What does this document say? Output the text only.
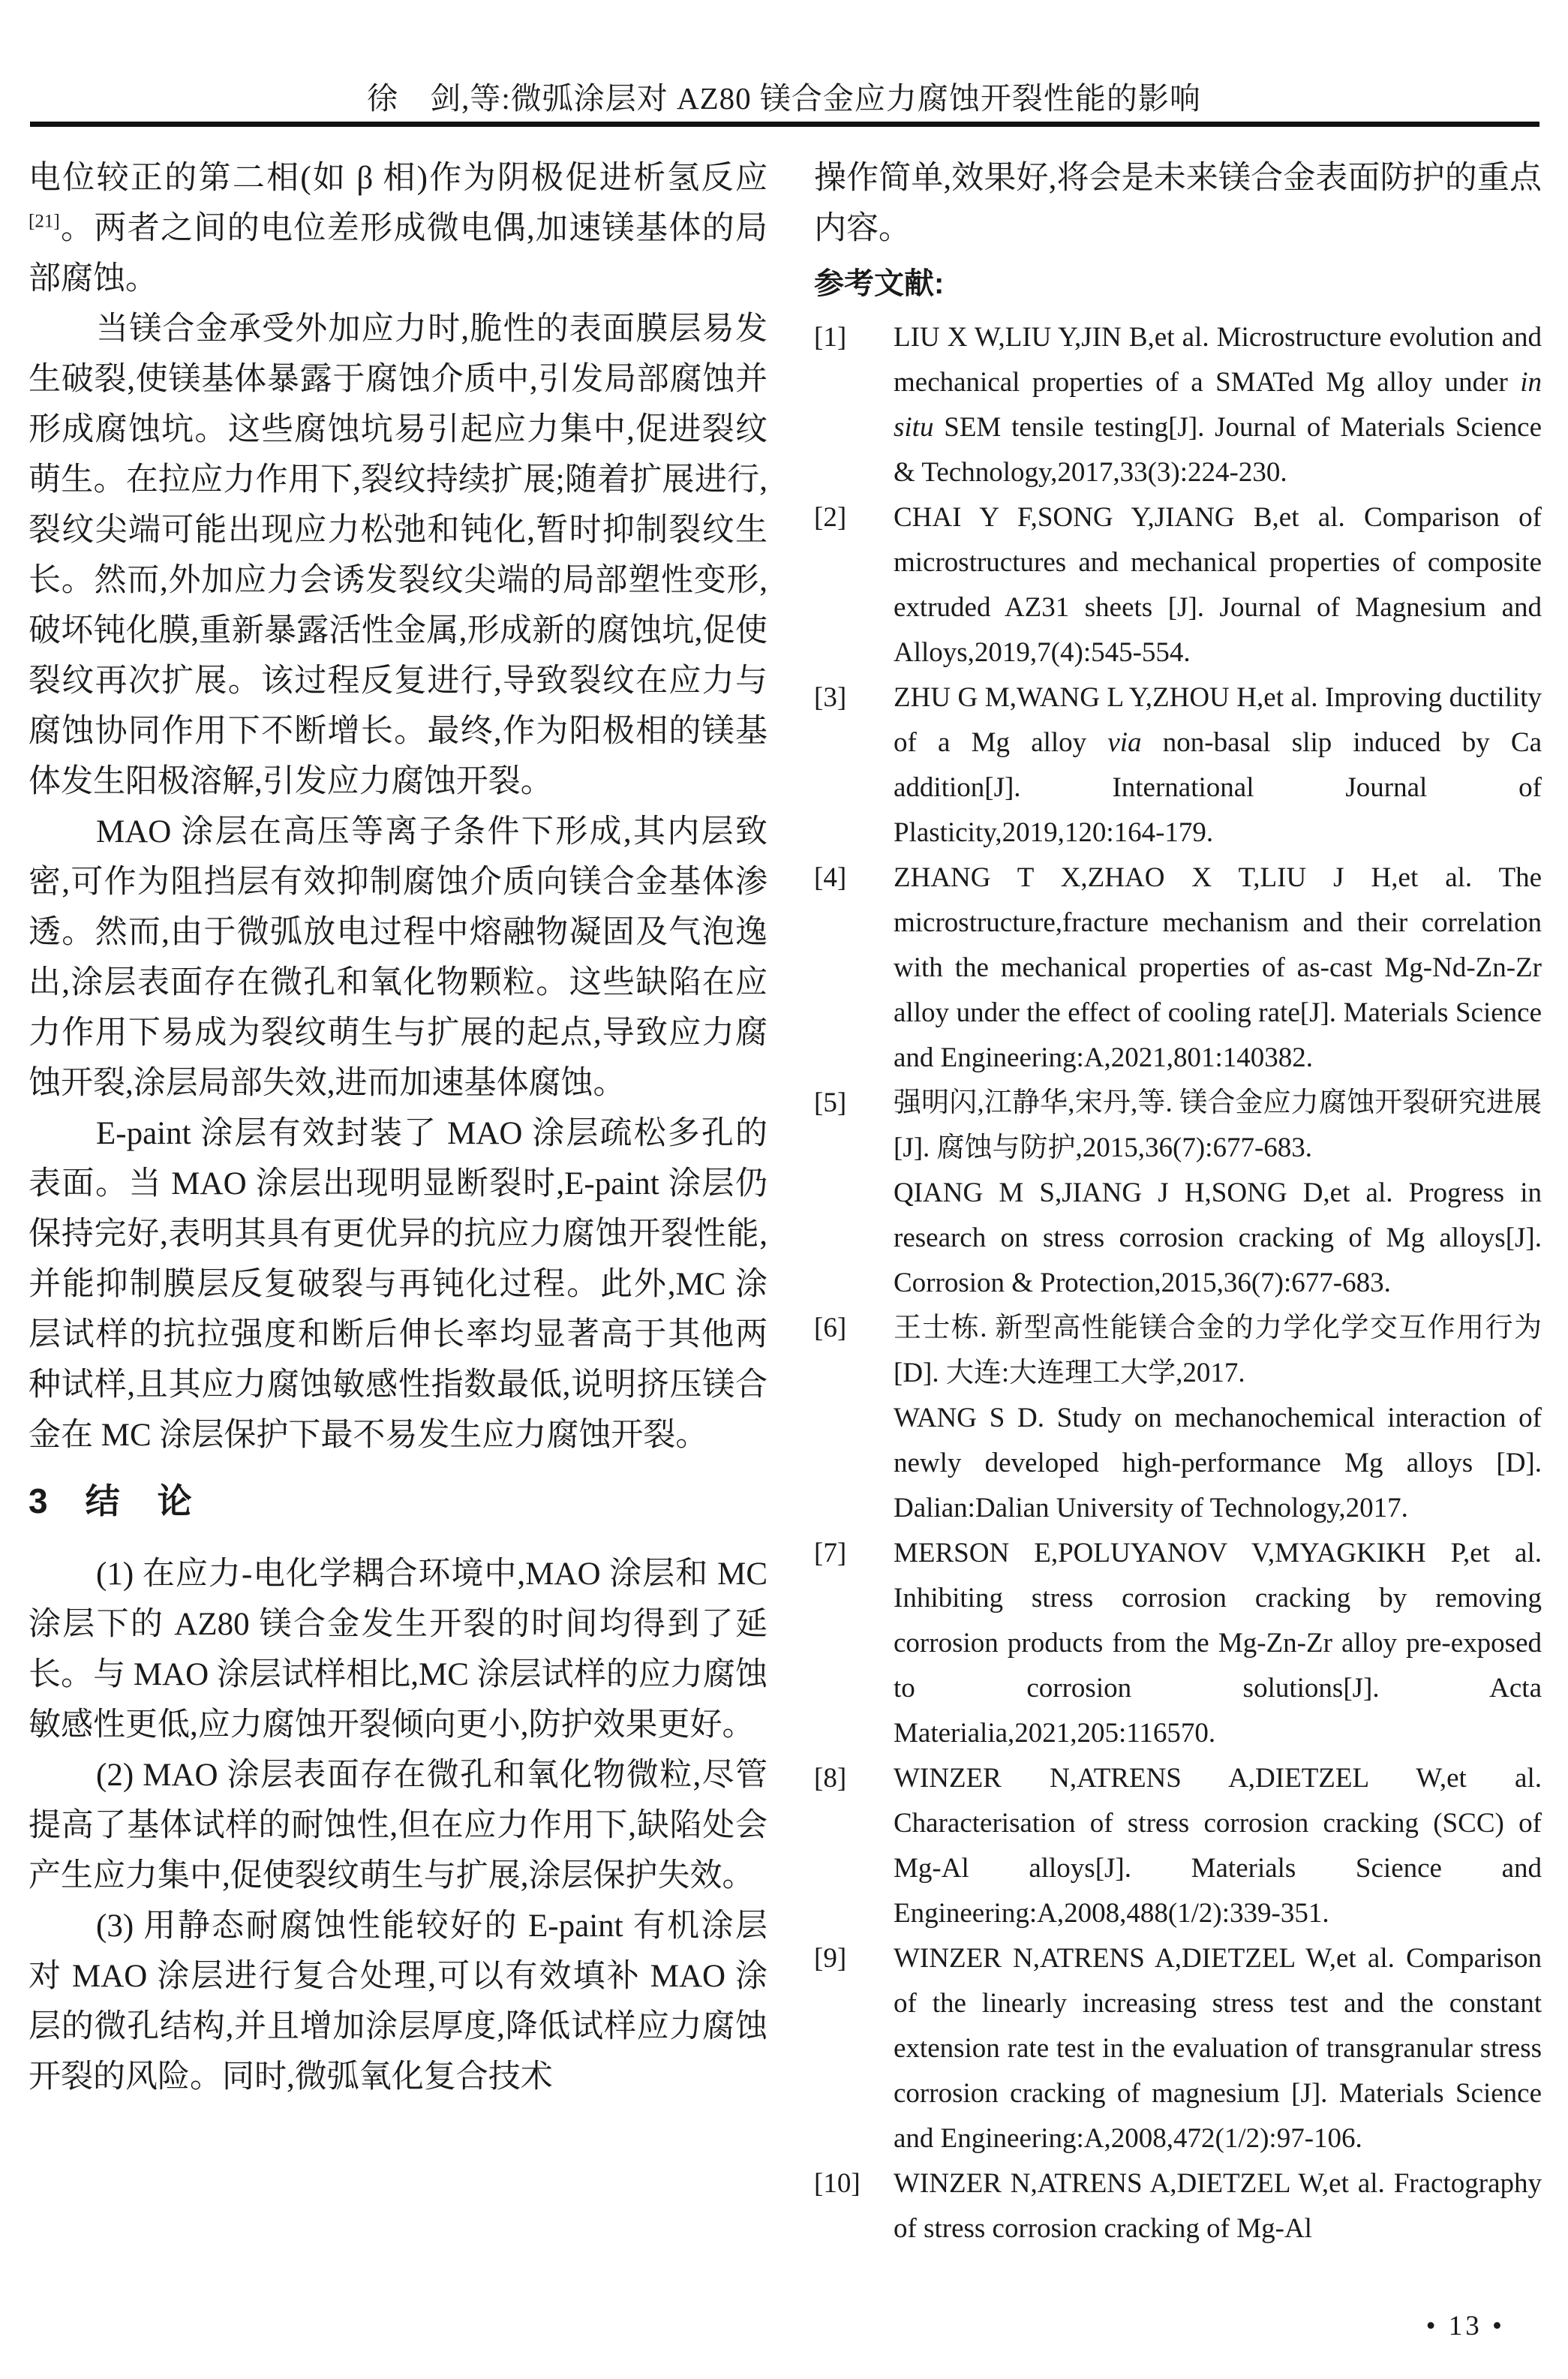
徐　剑,等:微弧涂层对 AZ80 镁合金应力腐蚀开裂性能的影响

电位较正的第二相(如 β 相)作为阴极促进析氢反应[21]。两者之间的电位差形成微电偶,加速镁基体的局部腐蚀。

当镁合金承受外加应力时,脆性的表面膜层易发生破裂,使镁基体暴露于腐蚀介质中,引发局部腐蚀并形成腐蚀坑。这些腐蚀坑易引起应力集中,促进裂纹萌生。在拉应力作用下,裂纹持续扩展;随着扩展进行,裂纹尖端可能出现应力松弛和钝化,暂时抑制裂纹生长。然而,外加应力会诱发裂纹尖端的局部塑性变形,破坏钝化膜,重新暴露活性金属,形成新的腐蚀坑,促使裂纹再次扩展。该过程反复进行,导致裂纹在应力与腐蚀协同作用下不断增长。最终,作为阳极相的镁基体发生阳极溶解,引发应力腐蚀开裂。

MAO 涂层在高压等离子条件下形成,其内层致密,可作为阻挡层有效抑制腐蚀介质向镁合金基体渗透。然而,由于微弧放电过程中熔融物凝固及气泡逸出,涂层表面存在微孔和氧化物颗粒。这些缺陷在应力作用下易成为裂纹萌生与扩展的起点,导致应力腐蚀开裂,涂层局部失效,进而加速基体腐蚀。

E-paint 涂层有效封装了 MAO 涂层疏松多孔的表面。当 MAO 涂层出现明显断裂时,E-paint 涂层仍保持完好,表明其具有更优异的抗应力腐蚀开裂性能,并能抑制膜层反复破裂与再钝化过程。此外,MC 涂层试样的抗拉强度和断后伸长率均显著高于其他两种试样,且其应力腐蚀敏感性指数最低,说明挤压镁合金在 MC 涂层保护下最不易发生应力腐蚀开裂。

3　结　论

(1) 在应力-电化学耦合环境中,MAO 涂层和 MC 涂层下的 AZ80 镁合金发生开裂的时间均得到了延长。与 MAO 涂层试样相比,MC 涂层试样的应力腐蚀敏感性更低,应力腐蚀开裂倾向更小,防护效果更好。

(2) MAO 涂层表面存在微孔和氧化物微粒,尽管提高了基体试样的耐蚀性,但在应力作用下,缺陷处会产生应力集中,促使裂纹萌生与扩展,涂层保护失效。

(3) 用静态耐腐蚀性能较好的 E-paint 有机涂层对 MAO 涂层进行复合处理,可以有效填补 MAO 涂层的微孔结构,并且增加涂层厚度,降低试样应力腐蚀开裂的风险。同时,微弧氧化复合技术

操作简单,效果好,将会是未来镁合金表面防护的重点内容。

参考文献:
[1] LIU X W,LIU Y,JIN B,et al. Microstructure evolution and mechanical properties of a SMATed Mg alloy under in situ SEM tensile testing[J]. Journal of Materials Science & Technology,2017,33(3):224-230.
[2] CHAI Y F,SONG Y,JIANG B,et al. Comparison of microstructures and mechanical properties of composite extruded AZ31 sheets [J]. Journal of Magnesium and Alloys,2019,7(4):545-554.
[3] ZHU G M,WANG L Y,ZHOU H,et al. Improving ductility of a Mg alloy via non-basal slip induced by Ca addition[J]. International Journal of Plasticity,2019,120:164-179.
[4] ZHANG T X,ZHAO X T,LIU J H,et al. The microstructure,fracture mechanism and their correlation with the mechanical properties of as-cast Mg-Nd-Zn-Zr alloy under the effect of cooling rate[J]. Materials Science and Engineering:A,2021,801:140382.
[5] 强明闪,江静华,宋丹,等. 镁合金应力腐蚀开裂研究进展[J]. 腐蚀与防护,2015,36(7):677-683.
QIANG M S,JIANG J H,SONG D,et al. Progress in research on stress corrosion cracking of Mg alloys[J]. Corrosion & Protection,2015,36(7):677-683.
[6] 王士栋. 新型高性能镁合金的力学化学交互作用行为[D]. 大连:大连理工大学,2017.
WANG S D. Study on mechanochemical interaction of newly developed high-performance Mg alloys [D]. Dalian:Dalian University of Technology,2017.
[7] MERSON E,POLUYANOV V,MYAGKIKH P,et al. Inhibiting stress corrosion cracking by removing corrosion products from the Mg-Zn-Zr alloy pre-exposed to corrosion solutions[J]. Acta Materialia,2021,205:116570.
[8] WINZER N,ATRENS A,DIETZEL W,et al. Characterisation of stress corrosion cracking (SCC) of Mg-Al alloys[J]. Materials Science and Engineering:A,2008,488(1/2):339-351.
[9] WINZER N,ATRENS A,DIETZEL W,et al. Comparison of the linearly increasing stress test and the constant extension rate test in the evaluation of transgranular stress corrosion cracking of magnesium [J]. Materials Science and Engineering:A,2008,472(1/2):97-106.
[10] WINZER N,ATRENS A,DIETZEL W,et al. Fractography of stress corrosion cracking of Mg-Al
• 13 •
